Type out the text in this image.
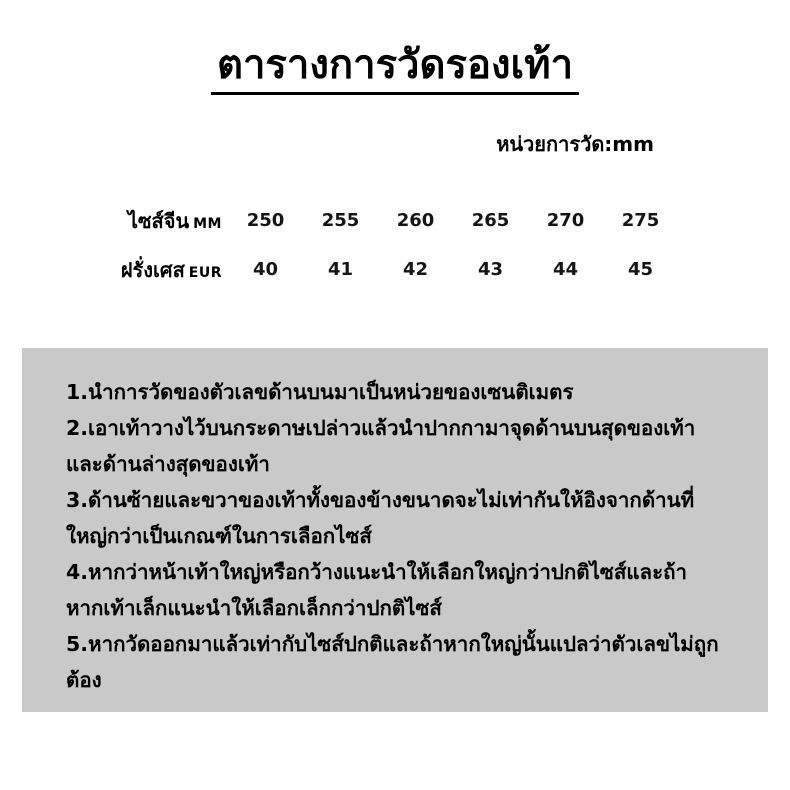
ตารางการวัดรองเท้า
หน่วยการวัด:mm
ไซส์จีน MM	250	255	260	265	270	275	
ฝรั่งเศส EUR	40	41	42	43	44	45	
1.นำการวัดของตัวเลขด้านบนมาเป็นหน่วยของเซนติเมตร
2.เอาเท้าวางไว้บนกระดาษเปล่าวแล้วนำปากกามาจุดด้านบนสุดของเท้าและด้านล่างสุดของเท้า
3.ด้านซ้ายและขวาของเท้าทั้งของข้างขนาดจะไม่เท่ากันให้อิงจากด้านที่ใหญ่กว่าเป็นเกณฑ์ในการเลือกไซส์
4.หากว่าหน้าเท้าใหญ่หรือกว้างแนะนำให้เลือกใหญ่กว่าปกติไซส์และถ้าหากเท้าเล็กแนะนำให้เลือกเล็กกว่าปกติไซส์
5.หากวัดออกมาแล้วเท่ากับไซส์ปกติและถ้าหากใหญ่นั้นแปลว่าตัวเลขไม่ถูกต้อง
